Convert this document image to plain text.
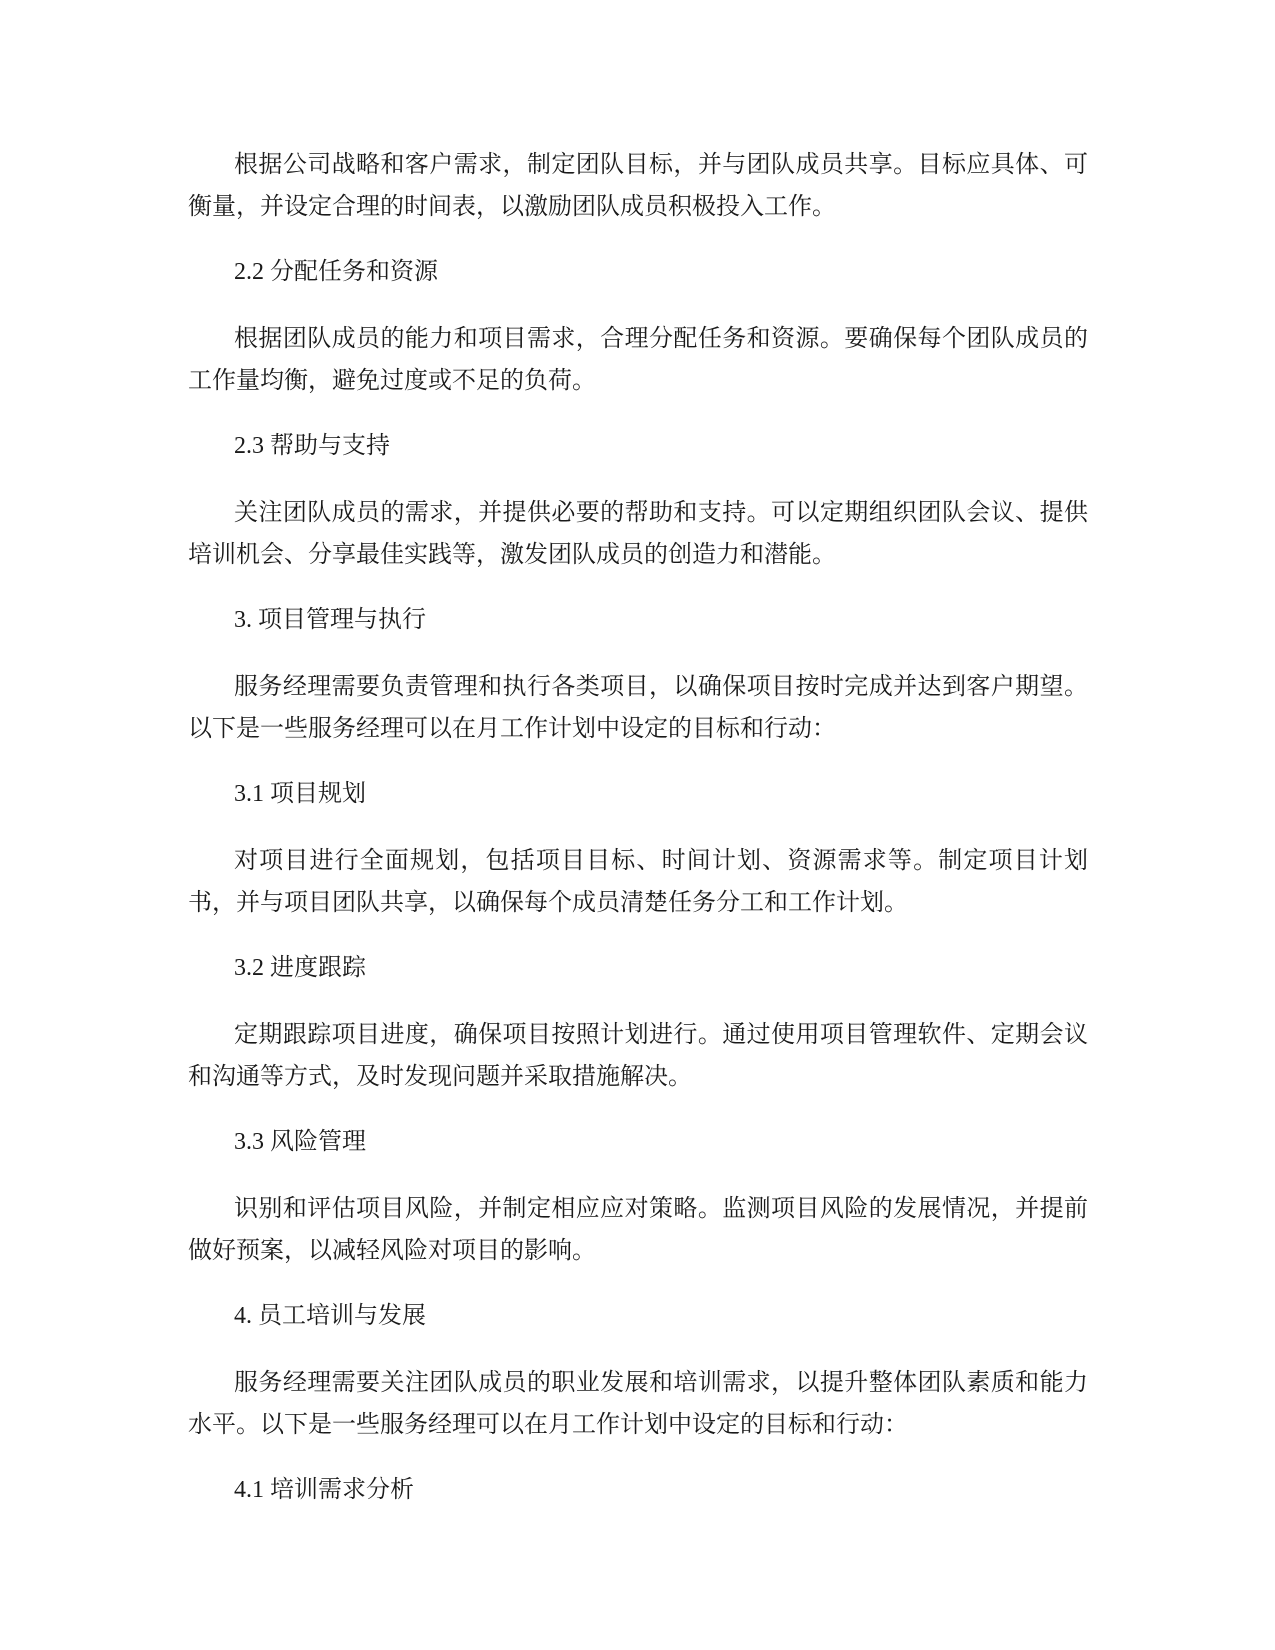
根据公司战略和客户需求，制定团队目标，并与团队成员共享。目标应具体、可衡量，并设定合理的时间表，以激励团队成员积极投入工作。

2.2 分配任务和资源

根据团队成员的能力和项目需求，合理分配任务和资源。要确保每个团队成员的工作量均衡，避免过度或不足的负荷。

2.3 帮助与支持

关注团队成员的需求，并提供必要的帮助和支持。可以定期组织团队会议、提供培训机会、分享最佳实践等，激发团队成员的创造力和潜能。

3. 项目管理与执行

服务经理需要负责管理和执行各类项目，以确保项目按时完成并达到客户期望。以下是一些服务经理可以在月工作计划中设定的目标和行动：

3.1 项目规划

对项目进行全面规划，包括项目目标、时间计划、资源需求等。制定项目计划书，并与项目团队共享，以确保每个成员清楚任务分工和工作计划。

3.2 进度跟踪

定期跟踪项目进度，确保项目按照计划进行。通过使用项目管理软件、定期会议和沟通等方式，及时发现问题并采取措施解决。

3.3 风险管理

识别和评估项目风险，并制定相应应对策略。监测项目风险的发展情况，并提前做好预案，以减轻风险对项目的影响。

4. 员工培训与发展

服务经理需要关注团队成员的职业发展和培训需求，以提升整体团队素质和能力水平。以下是一些服务经理可以在月工作计划中设定的目标和行动：

4.1 培训需求分析
